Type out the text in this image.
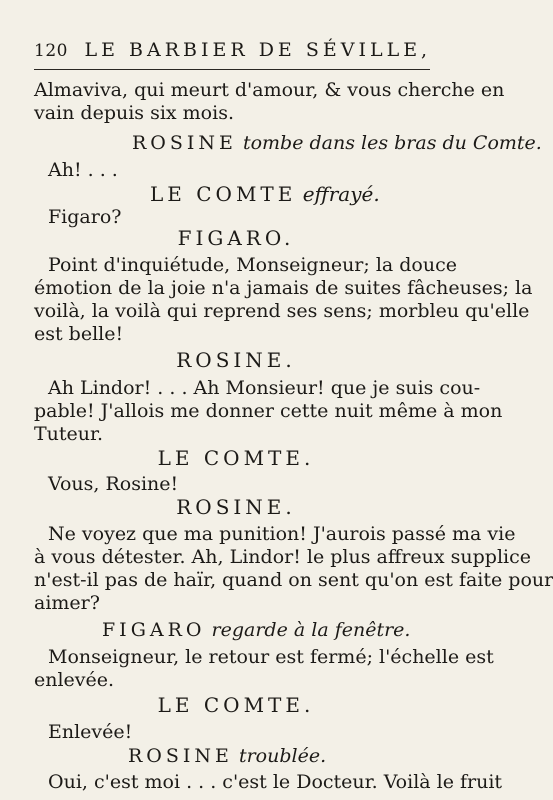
120 LE BARBIER DE SÉVILLE,
Almaviva, qui meurt d'amour, & vous cherche en
vain depuis six mois.
ROSINE tombe dans les bras du Comte.
Ah! . . .
LE COMTE effrayé.
Figaro?
FIGARO.
Point d'inquiétude, Monseigneur; la douce
émotion de la joie n'a jamais de suites fâcheuses; la
voilà, la voilà qui reprend ses sens; morbleu qu'elle
est belle!
ROSINE.
Ah Lindor! . . . Ah Monsieur! que je suis cou-
pable! J'allois me donner cette nuit même à mon
Tuteur.
LE COMTE.
Vous, Rosine!
ROSINE.
Ne voyez que ma punition! J'aurois passé ma vie
à vous détester. Ah, Lindor! le plus affreux supplice
n'est-il pas de haïr, quand on sent qu'on est faite pour
aimer?
FIGARO regarde à la fenêtre.
Monseigneur, le retour est fermé; l'échelle est
enlevée.
LE COMTE.
Enlevée!
ROSINE troublée.
Oui, c'est moi . . . c'est le Docteur. Voilà le fruit
